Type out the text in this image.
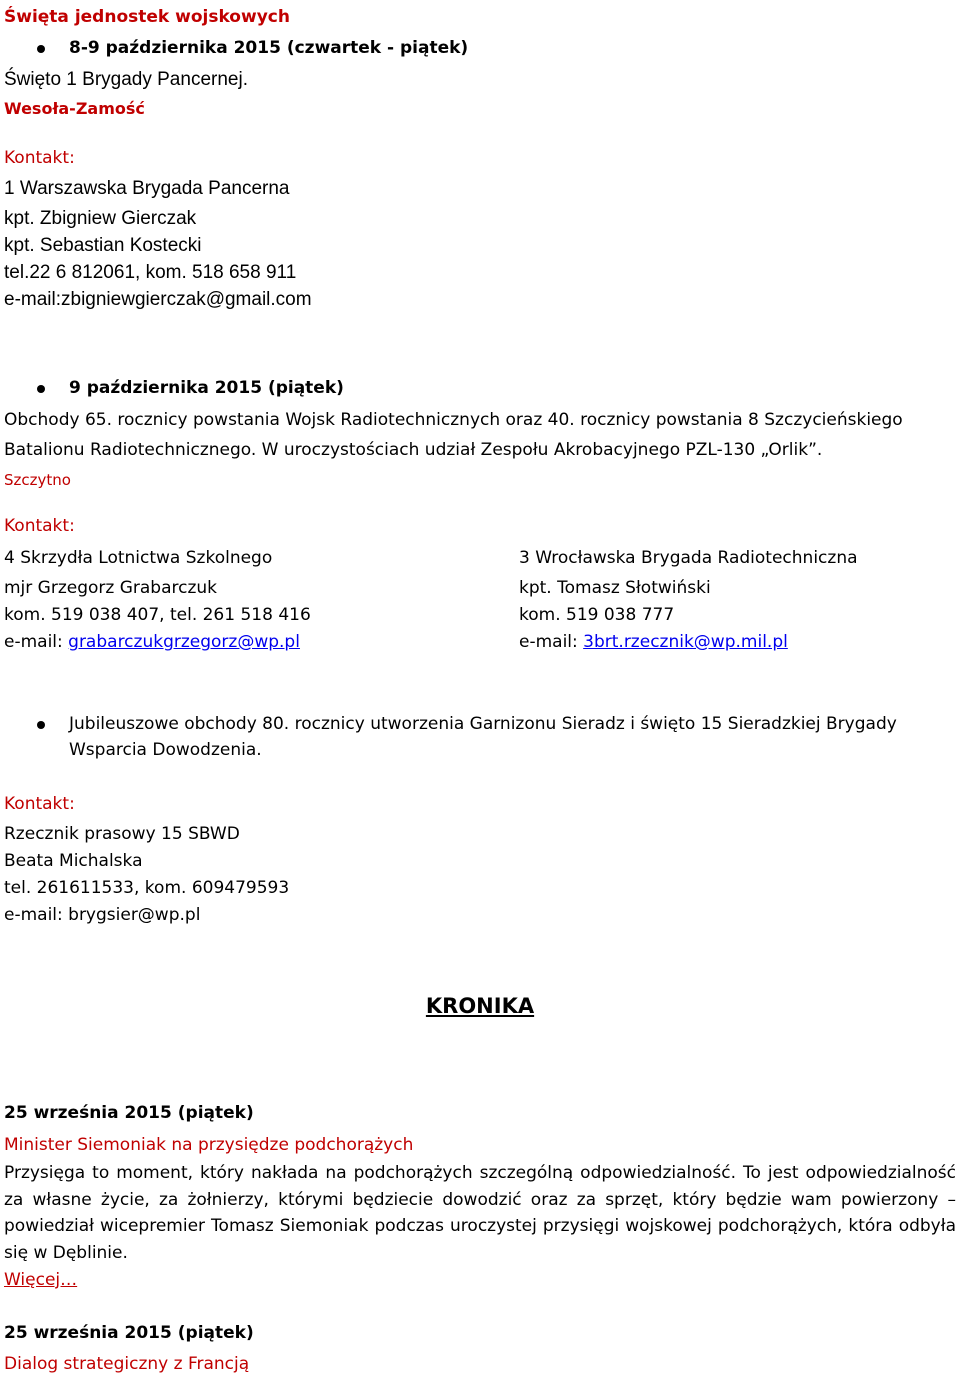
Święta jednostek wojskowych
8-9 października 2015 (czwartek - piątek)
Święto 1 Brygady Pancernej.
Wesoła-Zamość
Kontakt:
1 Warszawska Brygada Pancerna
kpt. Zbigniew Gierczak
kpt. Sebastian Kostecki
tel.22 6 812061, kom. 518 658 911
e-mail:zbigniewgierczak@gmail.com
9 października 2015 (piątek)
Obchody 65. rocznicy powstania Wojsk Radiotechnicznych oraz 40. rocznicy powstania 8 Szczycieńskiego
Batalionu Radiotechnicznego. W uroczystościach udział Zespołu Akrobacyjnego PZL-130 „Orlik”.
Szczytno
Kontakt:
4 Skrzydła Lotnictwa Szkolnego
mjr Grzegorz Grabarczuk
kom. 519 038 407, tel. 261 518 416
e-mail: grabarczukgrzegorz@wp.pl
3 Wrocławska Brygada Radiotechniczna
kpt. Tomasz Słotwiński
kom. 519 038 777
e-mail: 3brt.rzecznik@wp.mil.pl
Jubileuszowe obchody 80. rocznicy utworzenia Garnizonu Sieradz i święto 15 Sieradzkiej Brygady
Wsparcia Dowodzenia.
Kontakt:
Rzecznik prasowy 15 SBWD
Beata Michalska
tel. 261611533, kom. 609479593
e-mail: brygsier@wp.pl
KRONIKA
25 września 2015 (piątek)
Minister Siemoniak na przysiędze podchorążych
Przysięga to moment, który nakłada na podchorążych szczególną odpowiedzialność. To jest odpowiedzialność za własne życie, za żołnierzy, którymi będziecie dowodzić oraz za sprzęt, który będzie wam powierzony – powiedział wicepremier Tomasz Siemoniak podczas uroczystej przysięgi wojskowej podchorążych, która odbyła się w Dęblinie.
Więcej…
25 września 2015 (piątek)
Dialog strategiczny z Francją
